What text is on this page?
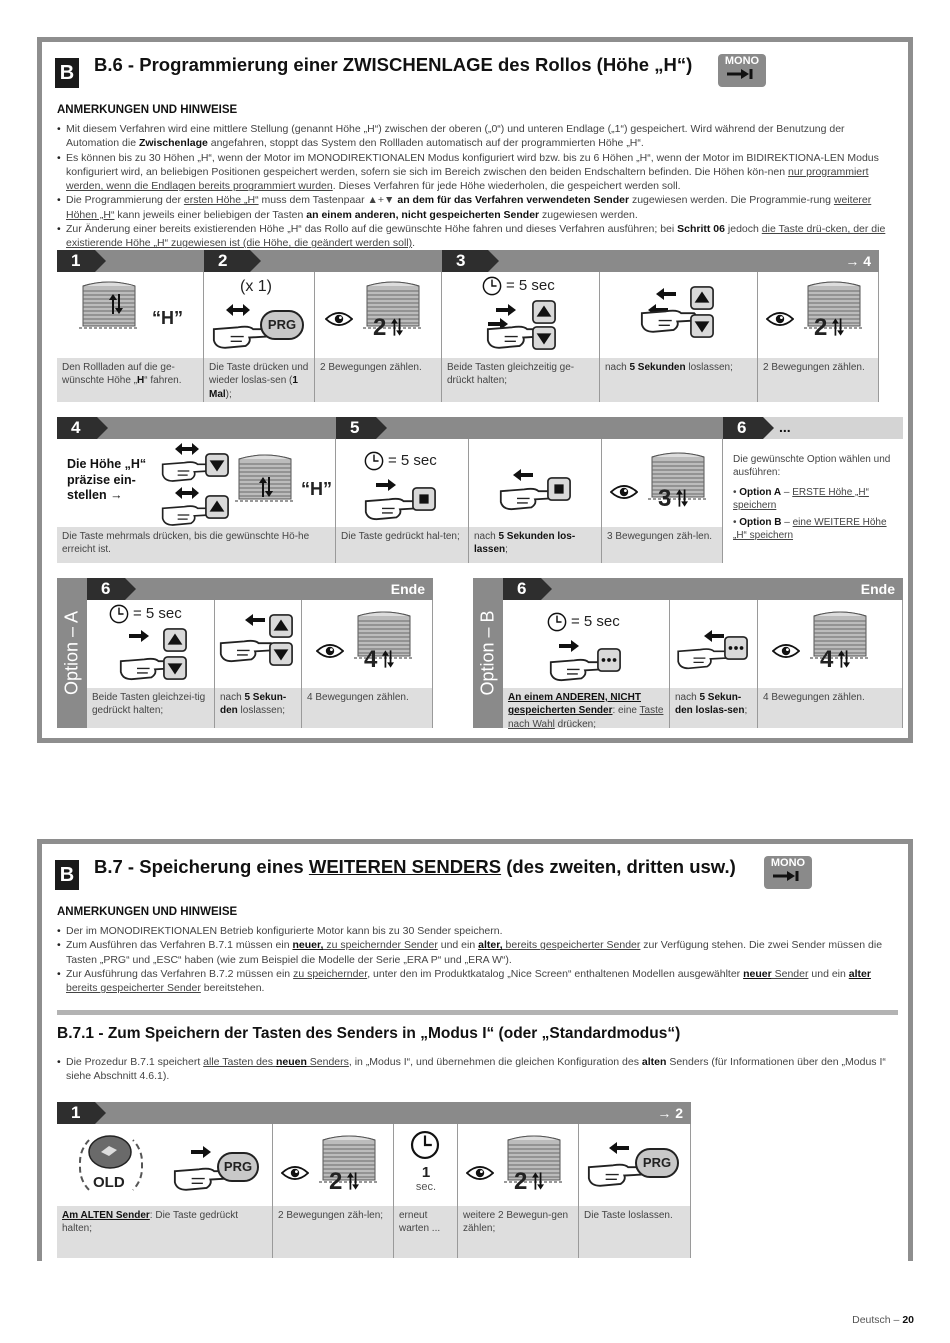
B B.6 - Programmierung einer ZWISCHENLAGE des Rollos (Höhe „H“)	MONO
ANMERKUNGEN UND HINWEISE
• Mit diesem Verfahren wird eine mittlere Stellung (genannt Höhe „H“) zwischen der oberen („0“) und unteren Endlage („1“) gespeichert. Wird während der Benutzung der Automation die Zwischenlage angefahren, stoppt das System den Rollladen automatisch auf der programmierten Höhe „H“.
• Es können bis zu 30 Höhen „H“, wenn der Motor im MONODIREKTIONALEN Modus konfiguriert wird bzw. bis zu 6 Höhen „H“, wenn der Motor im BIDIREKTIONA-LEN Modus konfiguriert wird, an beliebigen Positionen gespeichert werden, sofern sie sich im Bereich zwischen den beiden Endschaltern befinden. Die Höhen kön-nen nur programmiert werden, wenn die Endlagen bereits programmiert wurden. Dieses Verfahren für jede Höhe wiederholen, die gespeichert werden soll.
• Die Programmierung der ersten Höhe „H“ muss dem Tastenpaar ▲+▼ an dem für das Verfahren verwendeten Sender zugewiesen werden. Die Programmie-rung weiterer Höhen „H“ kann jeweils einer beliebigen der Tasten an einem anderen, nicht gespeicherten Sender zugewiesen werden.
• Zur Änderung einer bereits existierenden Höhe „H“ das Rollo auf die gewünschte Höhe fahren und dieses Verfahren ausführen; bei Schritt 06 jedoch die Taste drü-cken, der die existierende Höhe „H“ zugewiesen ist (die Höhe, die geändert werden soll).
1	2	3	→ 4
“H”
(x 1)
PRG	2
= 5 sec
2
Den Rollladen auf die ge-wünschte Höhe „H“ fahren.
Die Taste drücken und wieder loslas-sen (1 Mal);
2 Bewegungen zählen.	Beide Tasten gleichzeitig ge-drückt halten;
nach 5 Sekunden loslassen;	2 Bewegungen zählen.
4	5	6	...
Die Höhe „H“ präzise ein-stellen →	“H”
= 5 sec
3
Die gewünschte Option wählen und ausführen:
• Option A – ERSTE Höhe „H“ speichern
• Option B – eine WEITERE Höhe „H“ speichern
Die Taste mehrmals drücken, bis die gewünschte Hö-he erreicht ist.
Die Taste gedrückt hal-ten;	nach 5 Sekunden los-lassen;
3 Bewegungen zäh-len.
Option – A
6	Ende
= 5 sec
4
Beide Tasten gleichzei-tig gedrückt halten;
nach 5 Sekun-den loslassen;
4 Bewegungen zählen.
Option – B
6	Ende
= 5 sec
4
An einem ANDEREN, NICHT gespeicherten Sender: eine Taste nach Wahl drücken;
nach 5 Sekun-den loslas-sen;
4 Bewegungen zählen.
B B.7 - Speicherung eines WEITEREN SENDERS (des zweiten, dritten usw.)	MONO
ANMERKUNGEN UND HINWEISE
• Der im MONODIREKTIONALEN Betrieb konfigurierte Motor kann bis zu 30 Sender speichern.
• Zum Ausführen das Verfahren B.7.1 müssen ein neuer, zu speichernder Sender und ein alter, bereits gespeicherter Sender zur Verfügung stehen. Die zwei Sender müssen die Tasten „PRG“ und „ESC“ haben (wie zum Beispiel die Modelle der Serie „ERA P“ und „ERA W“).
• Zur Ausführung das Verfahren B.7.2 müssen ein zu speichernder, unter den im Produktkatalog „Nice Screen“ enthaltenen Modellen ausgewählter neuer Sender und ein alter bereits gespeicherter Sender bereitstehen.
B.7.1 - Zum Speichern der Tasten des Senders in „Modus I“ (oder „Standardmodus“)
• Die Prozedur B.7.1 speichert alle Tasten des neuen Senders, in „Modus I“, und übernehmen die gleichen Konfiguration des alten Senders (für Informationen über den „Modus I“ siehe Abschnitt 4.6.1).
1	→ 2
OLD
PRG
2	1
sec.	2
PRG
Am ALTEN Sender: Die Taste gedrückt halten;
2 Bewegungen zäh-len;	erneut warten ...
weitere 2 Bewegun-gen zählen;
Die Taste loslassen.
Deutsch – 20
